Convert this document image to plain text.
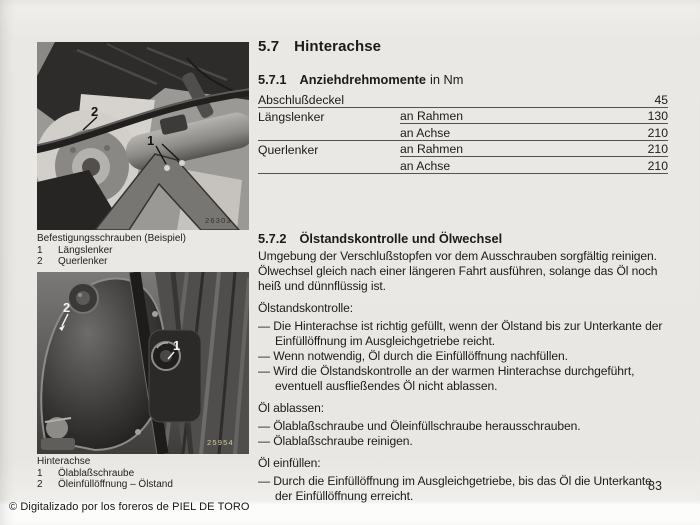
2
1
26303
Befestigungsschrauben (Beispiel)
1	Längslenker
2	Querlenker
2
1
25954
Hinterachse
1	Ölablaßschraube
2	Öleinfüllöffnung – Ölstand
5.7 Hinterachse
5.7.1 Anziehdrehmomente in Nm
Abschlußdeckel	45
Längslenker	an Rahmen	130
an Achse	210
Querlenker	an Rahmen	210
an Achse	210
5.7.2 Ölstandskontrolle und Ölwechsel

Umgebung der Verschlußstopfen vor dem Ausschrauben sorgfältig reinigen. Ölwechsel gleich nach einer längeren Fahrt ausführen, solange das Öl noch heiß und dünnflüssig ist.

Ölstandskontrolle:

— Die Hinterachse ist richtig gefüllt, wenn der Ölstand bis zur Unterkante der Einfüllöffnung im Ausgleichgetriebe reicht.

— Wenn notwendig, Öl durch die Einfüllöffnung nachfüllen.

— Wird die Ölstandskontrolle an der warmen Hinterachse durchgeführt, eventuell ausfließendes Öl nicht ablassen.

Öl ablassen:

— Ölablaßschraube und Öleinfüllschraube herausschrauben.

— Ölablaßschraube reinigen.

Öl einfüllen:

— Durch die Einfüllöffnung im Ausgleichgetriebe, bis das Öl die Unterkante der Einfüllöffnung erreicht.

83
© Digitalizado por los foreros de PIEL DE TORO
